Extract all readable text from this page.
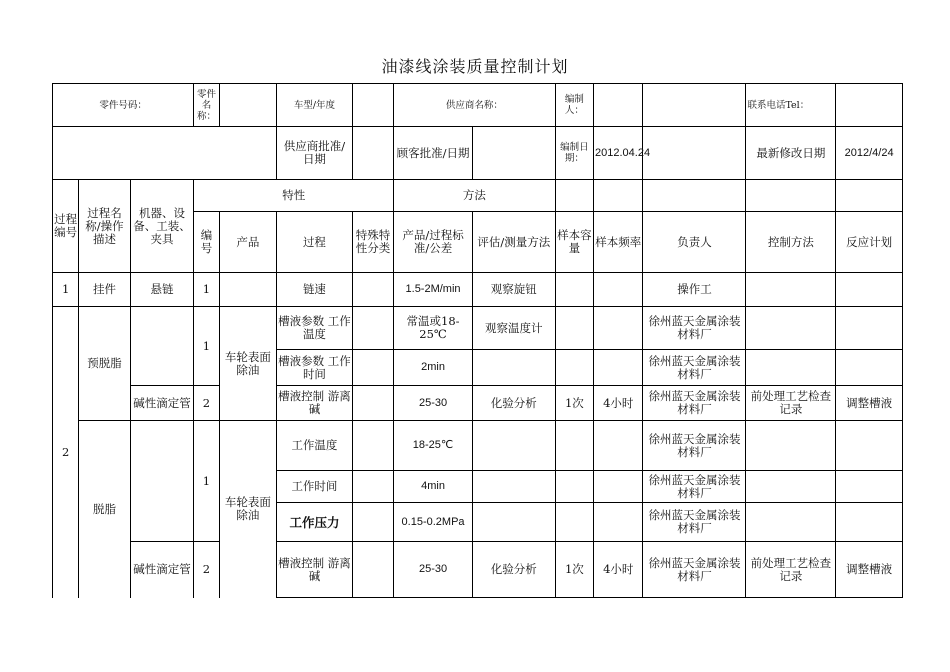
油漆线涂装质量控制计划
零件号码：			零件名称：		车型/年度		供应商名称：		编制人：			联系电话Tel：	
					供应商批准/日期		顾客批准/日期		编制日期：	2012.04.24		最新修改日期	2012/4/24
过程编号	过程名称/操作描述	机器、设备、工装、夹具	特性				方法						
			编号	产品	过程	特殊特性分类	产品/过程标准/公差	评估/测量方法	样本容量	样本频率	负责人	控制方法	反应计划
1	挂件	悬链	1		链速		1.5-2M/min	观察旋钮			操作工		
2	预脱脂		1	车轮表面除油	槽液参数 工作温度		常温或18-25℃	观察温度计			徐州蓝天金属涂装材料厂		
					槽液参数 工作时间		2min				徐州蓝天金属涂装材料厂		
		碱性滴定管	2		槽液控制 游离碱		25-30	化验分析	1次	4小时	徐州蓝天金属涂装材料厂	前处理工艺检查记录	调整槽液
	脱脂		1	车轮表面除油	工作温度		18-25℃				徐州蓝天金属涂装材料厂		
					工作时间		4min				徐州蓝天金属涂装材料厂		
					工作压力		0.15-0.2MPa				徐州蓝天金属涂装材料厂		
		碱性滴定管	2		槽液控制 游离碱		25-30	化验分析	1次	4小时	徐州蓝天金属涂装材料厂	前处理工艺检查记录	调整槽液
